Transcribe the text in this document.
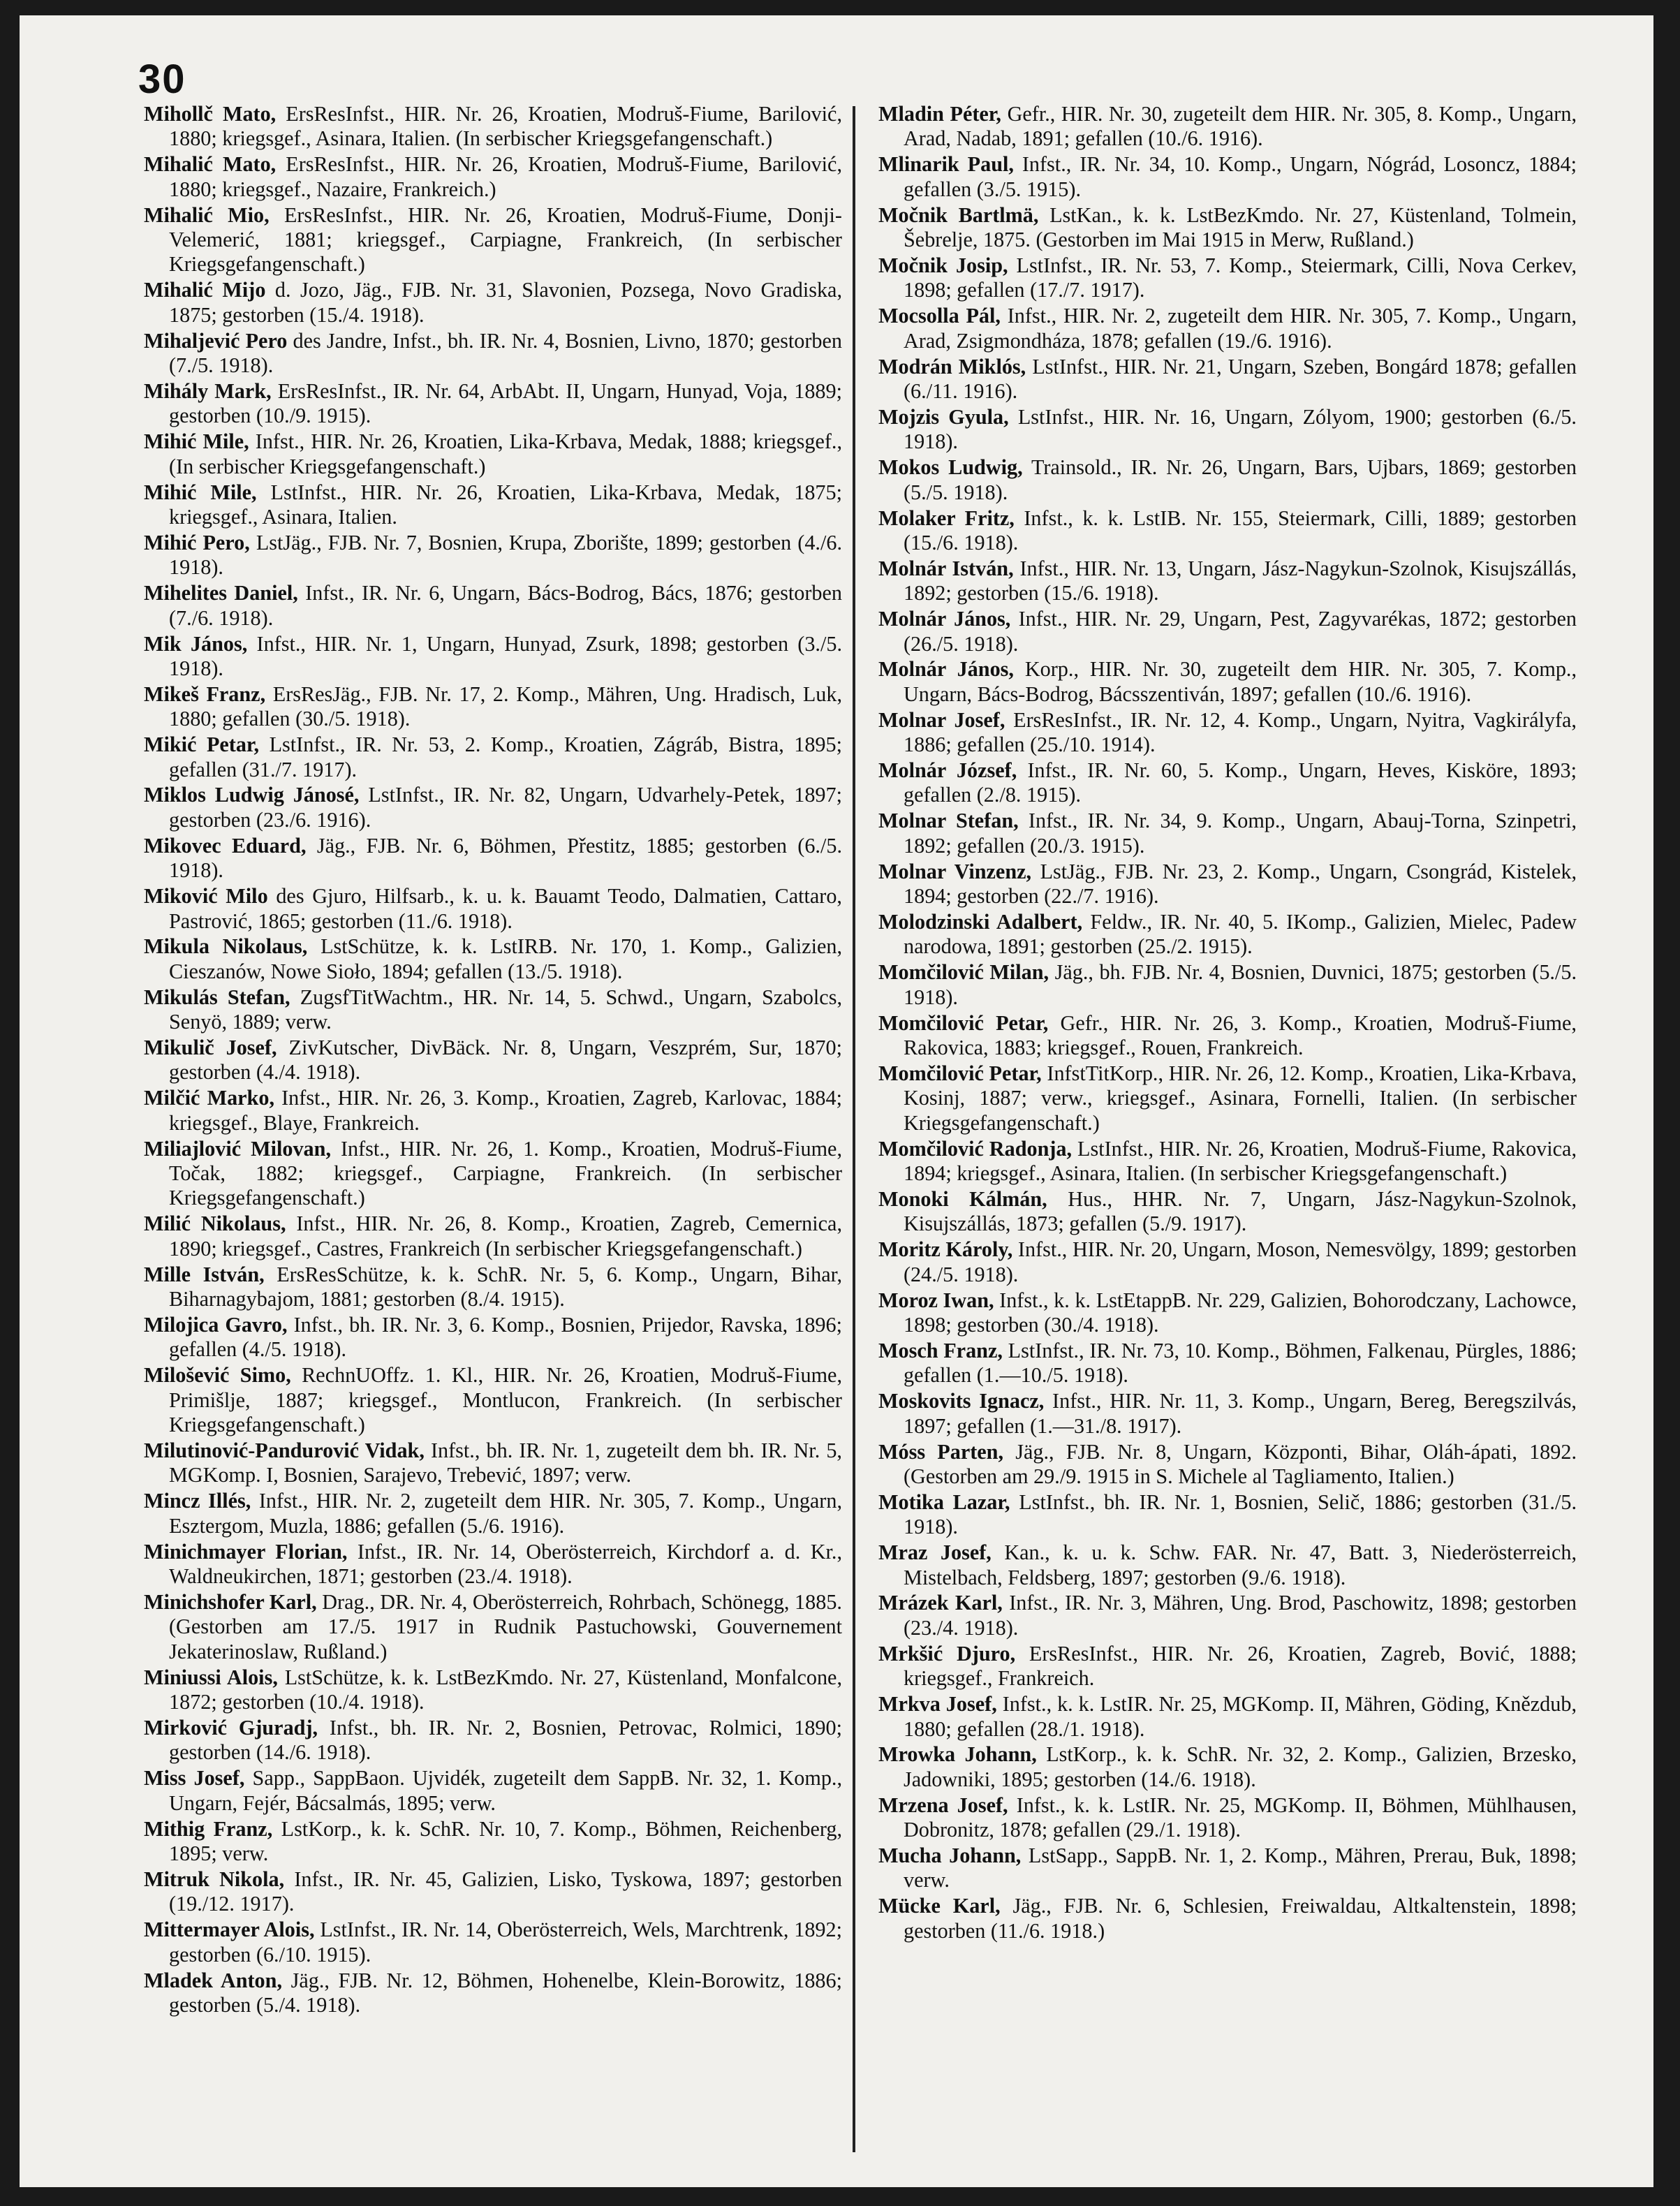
30

Mihollč Mato, ErsResInfst., HIR. Nr. 26, Kroatien, Modruš-Fiume, Barilović, 1880; kriegsgef., Asinara, Italien. (In serbischer Kriegsgefangenschaft.)

Mihalić Mato, ErsResInfst., HIR. Nr. 26, Kroatien, Modruš-Fiume, Barilović, 1880; kriegsgef., Nazaire, Frankreich.)

Mihalić Mio, ErsResInfst., HIR. Nr. 26, Kroatien, Modruš-Fiume, Donji-Velemerić, 1881; kriegsgef., Carpiagne, Frankreich, (In serbischer Kriegsgefangenschaft.)

Mihalić Mijo d. Jozo, Jäg., FJB. Nr. 31, Slavonien, Pozsega, Novo Gradiska, 1875; gestorben (15./4. 1918).

Mihaljević Pero des Jandre, Infst., bh. IR. Nr. 4, Bosnien, Livno, 1870; gestorben (7./5. 1918).

Mihály Mark, ErsResInfst., IR. Nr. 64, ArbAbt. II, Ungarn, Hunyad, Voja, 1889; gestorben (10./9. 1915).

Mihić Mile, Infst., HIR. Nr. 26, Kroatien, Lika-Krbava, Medak, 1888; kriegsgef., (In serbischer Kriegsgefangenschaft.)

Mihić Mile, LstInfst., HIR. Nr. 26, Kroatien, Lika-Krbava, Medak, 1875; kriegsgef., Asinara, Italien.

Mihić Pero, LstJäg., FJB. Nr. 7, Bosnien, Krupa, Zborište, 1899; gestorben (4./6. 1918).

Mihelites Daniel, Infst., IR. Nr. 6, Ungarn, Bács-Bodrog, Bács, 1876; gestorben (7./6. 1918).

Mik János, Infst., HIR. Nr. 1, Ungarn, Hunyad, Zsurk, 1898; gestorben (3./5. 1918).

Mikeš Franz, ErsResJäg., FJB. Nr. 17, 2. Komp., Mähren, Ung. Hradisch, Luk, 1880; gefallen (30./5. 1918).

Mikić Petar, LstInfst., IR. Nr. 53, 2. Komp., Kroatien, Zágráb, Bistra, 1895; gefallen (31./7. 1917).

Miklos Ludwig Jánosé, LstInfst., IR. Nr. 82, Ungarn, Udvarhely-Petek, 1897; gestorben (23./6. 1916).

Mikovec Eduard, Jäg., FJB. Nr. 6, Böhmen, Přestitz, 1885; gestorben (6./5. 1918).

Miković Milo des Gjuro, Hilfsarb., k. u. k. Bauamt Teodo, Dalmatien, Cattaro, Pastrović, 1865; gestorben (11./6. 1918).

Mikula Nikolaus, LstSchütze, k. k. LstIRB. Nr. 170, 1. Komp., Galizien, Cieszanów, Nowe Sioło, 1894; gefallen (13./5. 1918).

Mikulás Stefan, ZugsfTitWachtm., HR. Nr. 14, 5. Schwd., Ungarn, Szabolcs, Senyö, 1889; verw.

Mikulič Josef, ZivKutscher, DivBäck. Nr. 8, Ungarn, Veszprém, Sur, 1870; gestorben (4./4. 1918).

Milčić Marko, Infst., HIR. Nr. 26, 3. Komp., Kroatien, Zagreb, Karlovac, 1884; kriegsgef., Blaye, Frankreich.

Miliajlović Milovan, Infst., HIR. Nr. 26, 1. Komp., Kroatien, Modruš-Fiume, Točak, 1882; kriegsgef., Carpiagne, Frankreich. (In serbischer Kriegsgefangenschaft.)

Milić Nikolaus, Infst., HIR. Nr. 26, 8. Komp., Kroatien, Zagreb, Cemernica, 1890; kriegsgef., Castres, Frankreich (In serbischer Kriegsgefangenschaft.)

Mille István, ErsResSchütze, k. k. SchR. Nr. 5, 6. Komp., Ungarn, Bihar, Biharnagybajom, 1881; gestorben (8./4. 1915).

Milojica Gavro, Infst., bh. IR. Nr. 3, 6. Komp., Bosnien, Prijedor, Ravska, 1896; gefallen (4./5. 1918).

Milošević Simo, RechnUOffz. 1. Kl., HIR. Nr. 26, Kroatien, Modruš-Fiume, Primišlje, 1887; kriegsgef., Montlucon, Frankreich. (In serbischer Kriegsgefangenschaft.)

Milutinović-Pandurović Vidak, Infst., bh. IR. Nr. 1, zugeteilt dem bh. IR. Nr. 5, MGKomp. I, Bosnien, Sarajevo, Trebević, 1897; verw.

Mincz Illés, Infst., HIR. Nr. 2, zugeteilt dem HIR. Nr. 305, 7. Komp., Ungarn, Esztergom, Muzla, 1886; gefallen (5./6. 1916).

Minichmayer Florian, Infst., IR. Nr. 14, Oberösterreich, Kirchdorf a. d. Kr., Waldneukirchen, 1871; gestorben (23./4. 1918).

Minichshofer Karl, Drag., DR. Nr. 4, Oberösterreich, Rohrbach, Schönegg, 1885. (Gestorben am 17./5. 1917 in Rudnik Pastuchowski, Gouvernement Jekaterinoslaw, Rußland.)

Miniussi Alois, LstSchütze, k. k. LstBezKmdo. Nr. 27, Küstenland, Monfalcone, 1872; gestorben (10./4. 1918).

Mirković Gjuradj, Infst., bh. IR. Nr. 2, Bosnien, Petrovac, Rolmici, 1890; gestorben (14./6. 1918).

Miss Josef, Sapp., SappBaon. Ujvidék, zugeteilt dem SappB. Nr. 32, 1. Komp., Ungarn, Fejér, Bácsalmás, 1895; verw.

Mithig Franz, LstKorp., k. k. SchR. Nr. 10, 7. Komp., Böhmen, Reichenberg, 1895; verw.

Mitruk Nikola, Infst., IR. Nr. 45, Galizien, Lisko, Tyskowa, 1897; gestorben (19./12. 1917).

Mittermayer Alois, LstInfst., IR. Nr. 14, Oberösterreich, Wels, Marchtrenk, 1892; gestorben (6./10. 1915).

Mladek Anton, Jäg., FJB. Nr. 12, Böhmen, Hohenelbe, Klein-Borowitz, 1886; gestorben (5./4. 1918).

Mladin Péter, Gefr., HIR. Nr. 30, zugeteilt dem HIR. Nr. 305, 8. Komp., Ungarn, Arad, Nadab, 1891; gefallen (10./6. 1916).

Mlinarik Paul, Infst., IR. Nr. 34, 10. Komp., Ungarn, Nógrád, Losoncz, 1884; gefallen (3./5. 1915).

Močnik Bartlmä, LstKan., k. k. LstBezKmdo. Nr. 27, Küstenland, Tolmein, Šebrelje, 1875. (Gestorben im Mai 1915 in Merw, Rußland.)

Močnik Josip, LstInfst., IR. Nr. 53, 7. Komp., Steiermark, Cilli, Nova Cerkev, 1898; gefallen (17./7. 1917).

Mocsolla Pál, Infst., HIR. Nr. 2, zugeteilt dem HIR. Nr. 305, 7. Komp., Ungarn, Arad, Zsigmondháza, 1878; gefallen (19./6. 1916).

Modrán Miklós, LstInfst., HIR. Nr. 21, Ungarn, Szeben, Bongárd 1878; gefallen (6./11. 1916).

Mojzis Gyula, LstInfst., HIR. Nr. 16, Ungarn, Zólyom, 1900; gestorben (6./5. 1918).

Mokos Ludwig, Trainsold., IR. Nr. 26, Ungarn, Bars, Ujbars, 1869; gestorben (5./5. 1918).

Molaker Fritz, Infst., k. k. LstIB. Nr. 155, Steiermark, Cilli, 1889; gestorben (15./6. 1918).

Molnár István, Infst., HIR. Nr. 13, Ungarn, Jász-Nagykun-Szolnok, Kisujszállás, 1892; gestorben (15./6. 1918).

Molnár János, Infst., HIR. Nr. 29, Ungarn, Pest, Zagyvarékas, 1872; gestorben (26./5. 1918).

Molnár János, Korp., HIR. Nr. 30, zugeteilt dem HIR. Nr. 305, 7. Komp., Ungarn, Bács-Bodrog, Bácsszentiván, 1897; gefallen (10./6. 1916).

Molnar Josef, ErsResInfst., IR. Nr. 12, 4. Komp., Ungarn, Nyitra, Vagkirályfa, 1886; gefallen (25./10. 1914).

Molnár József, Infst., IR. Nr. 60, 5. Komp., Ungarn, Heves, Kisköre, 1893; gefallen (2./8. 1915).

Molnar Stefan, Infst., IR. Nr. 34, 9. Komp., Ungarn, Abauj-Torna, Szinpetri, 1892; gefallen (20./3. 1915).

Molnar Vinzenz, LstJäg., FJB. Nr. 23, 2. Komp., Ungarn, Csongrád, Kistelek, 1894; gestorben (22./7. 1916).

Molodzinski Adalbert, Feldw., IR. Nr. 40, 5. IKomp., Galizien, Mielec, Padew narodowa, 1891; gestorben (25./2. 1915).

Momčilović Milan, Jäg., bh. FJB. Nr. 4, Bosnien, Duvnici, 1875; gestorben (5./5. 1918).

Momčilović Petar, Gefr., HIR. Nr. 26, 3. Komp., Kroatien, Modruš-Fiume, Rakovica, 1883; kriegsgef., Rouen, Frankreich.

Momčilović Petar, InfstTitKorp., HIR. Nr. 26, 12. Komp., Kroatien, Lika-Krbava, Kosinj, 1887; verw., kriegsgef., Asinara, Fornelli, Italien. (In serbischer Kriegsgefangenschaft.)

Momčilović Radonja, LstInfst., HIR. Nr. 26, Kroatien, Modruš-Fiume, Rakovica, 1894; kriegsgef., Asinara, Italien. (In serbischer Kriegsgefangenschaft.)

Monoki Kálmán, Hus., HHR. Nr. 7, Ungarn, Jász-Nagykun-Szolnok, Kisujszállás, 1873; gefallen (5./9. 1917).

Moritz Károly, Infst., HIR. Nr. 20, Ungarn, Moson, Nemesvölgy, 1899; gestorben (24./5. 1918).

Moroz Iwan, Infst., k. k. LstEtappB. Nr. 229, Galizien, Bohorodczany, Lachowce, 1898; gestorben (30./4. 1918).

Mosch Franz, LstInfst., IR. Nr. 73, 10. Komp., Böhmen, Falkenau, Pürgles, 1886; gefallen (1.—10./5. 1918).

Moskovits Ignacz, Infst., HIR. Nr. 11, 3. Komp., Ungarn, Bereg, Beregszilvás, 1897; gefallen (1.—31./8. 1917).

Móss Parten, Jäg., FJB. Nr. 8, Ungarn, Központi, Bihar, Oláh-ápati, 1892. (Gestorben am 29./9. 1915 in S. Michele al Tagliamento, Italien.)

Motika Lazar, LstInfst., bh. IR. Nr. 1, Bosnien, Selič, 1886; gestorben (31./5. 1918).

Mraz Josef, Kan., k. u. k. Schw. FAR. Nr. 47, Batt. 3, Niederösterreich, Mistelbach, Feldsberg, 1897; gestorben (9./6. 1918).

Mrázek Karl, Infst., IR. Nr. 3, Mähren, Ung. Brod, Paschowitz, 1898; gestorben (23./4. 1918).

Mrkšić Djuro, ErsResInfst., HIR. Nr. 26, Kroatien, Zagreb, Bović, 1888; kriegsgef., Frankreich.

Mrkva Josef, Infst., k. k. LstIR. Nr. 25, MGKomp. II, Mähren, Göding, Knězdub, 1880; gefallen (28./1. 1918).

Mrowka Johann, LstKorp., k. k. SchR. Nr. 32, 2. Komp., Galizien, Brzesko, Jadowniki, 1895; gestorben (14./6. 1918).

Mrzena Josef, Infst., k. k. LstIR. Nr. 25, MGKomp. II, Böhmen, Mühlhausen, Dobronitz, 1878; gefallen (29./1. 1918).

Mucha Johann, LstSapp., SappB. Nr. 1, 2. Komp., Mähren, Prerau, Buk, 1898; verw.

Mücke Karl, Jäg., FJB. Nr. 6, Schlesien, Freiwaldau, Altkaltenstein, 1898; gestorben (11./6. 1918.)
